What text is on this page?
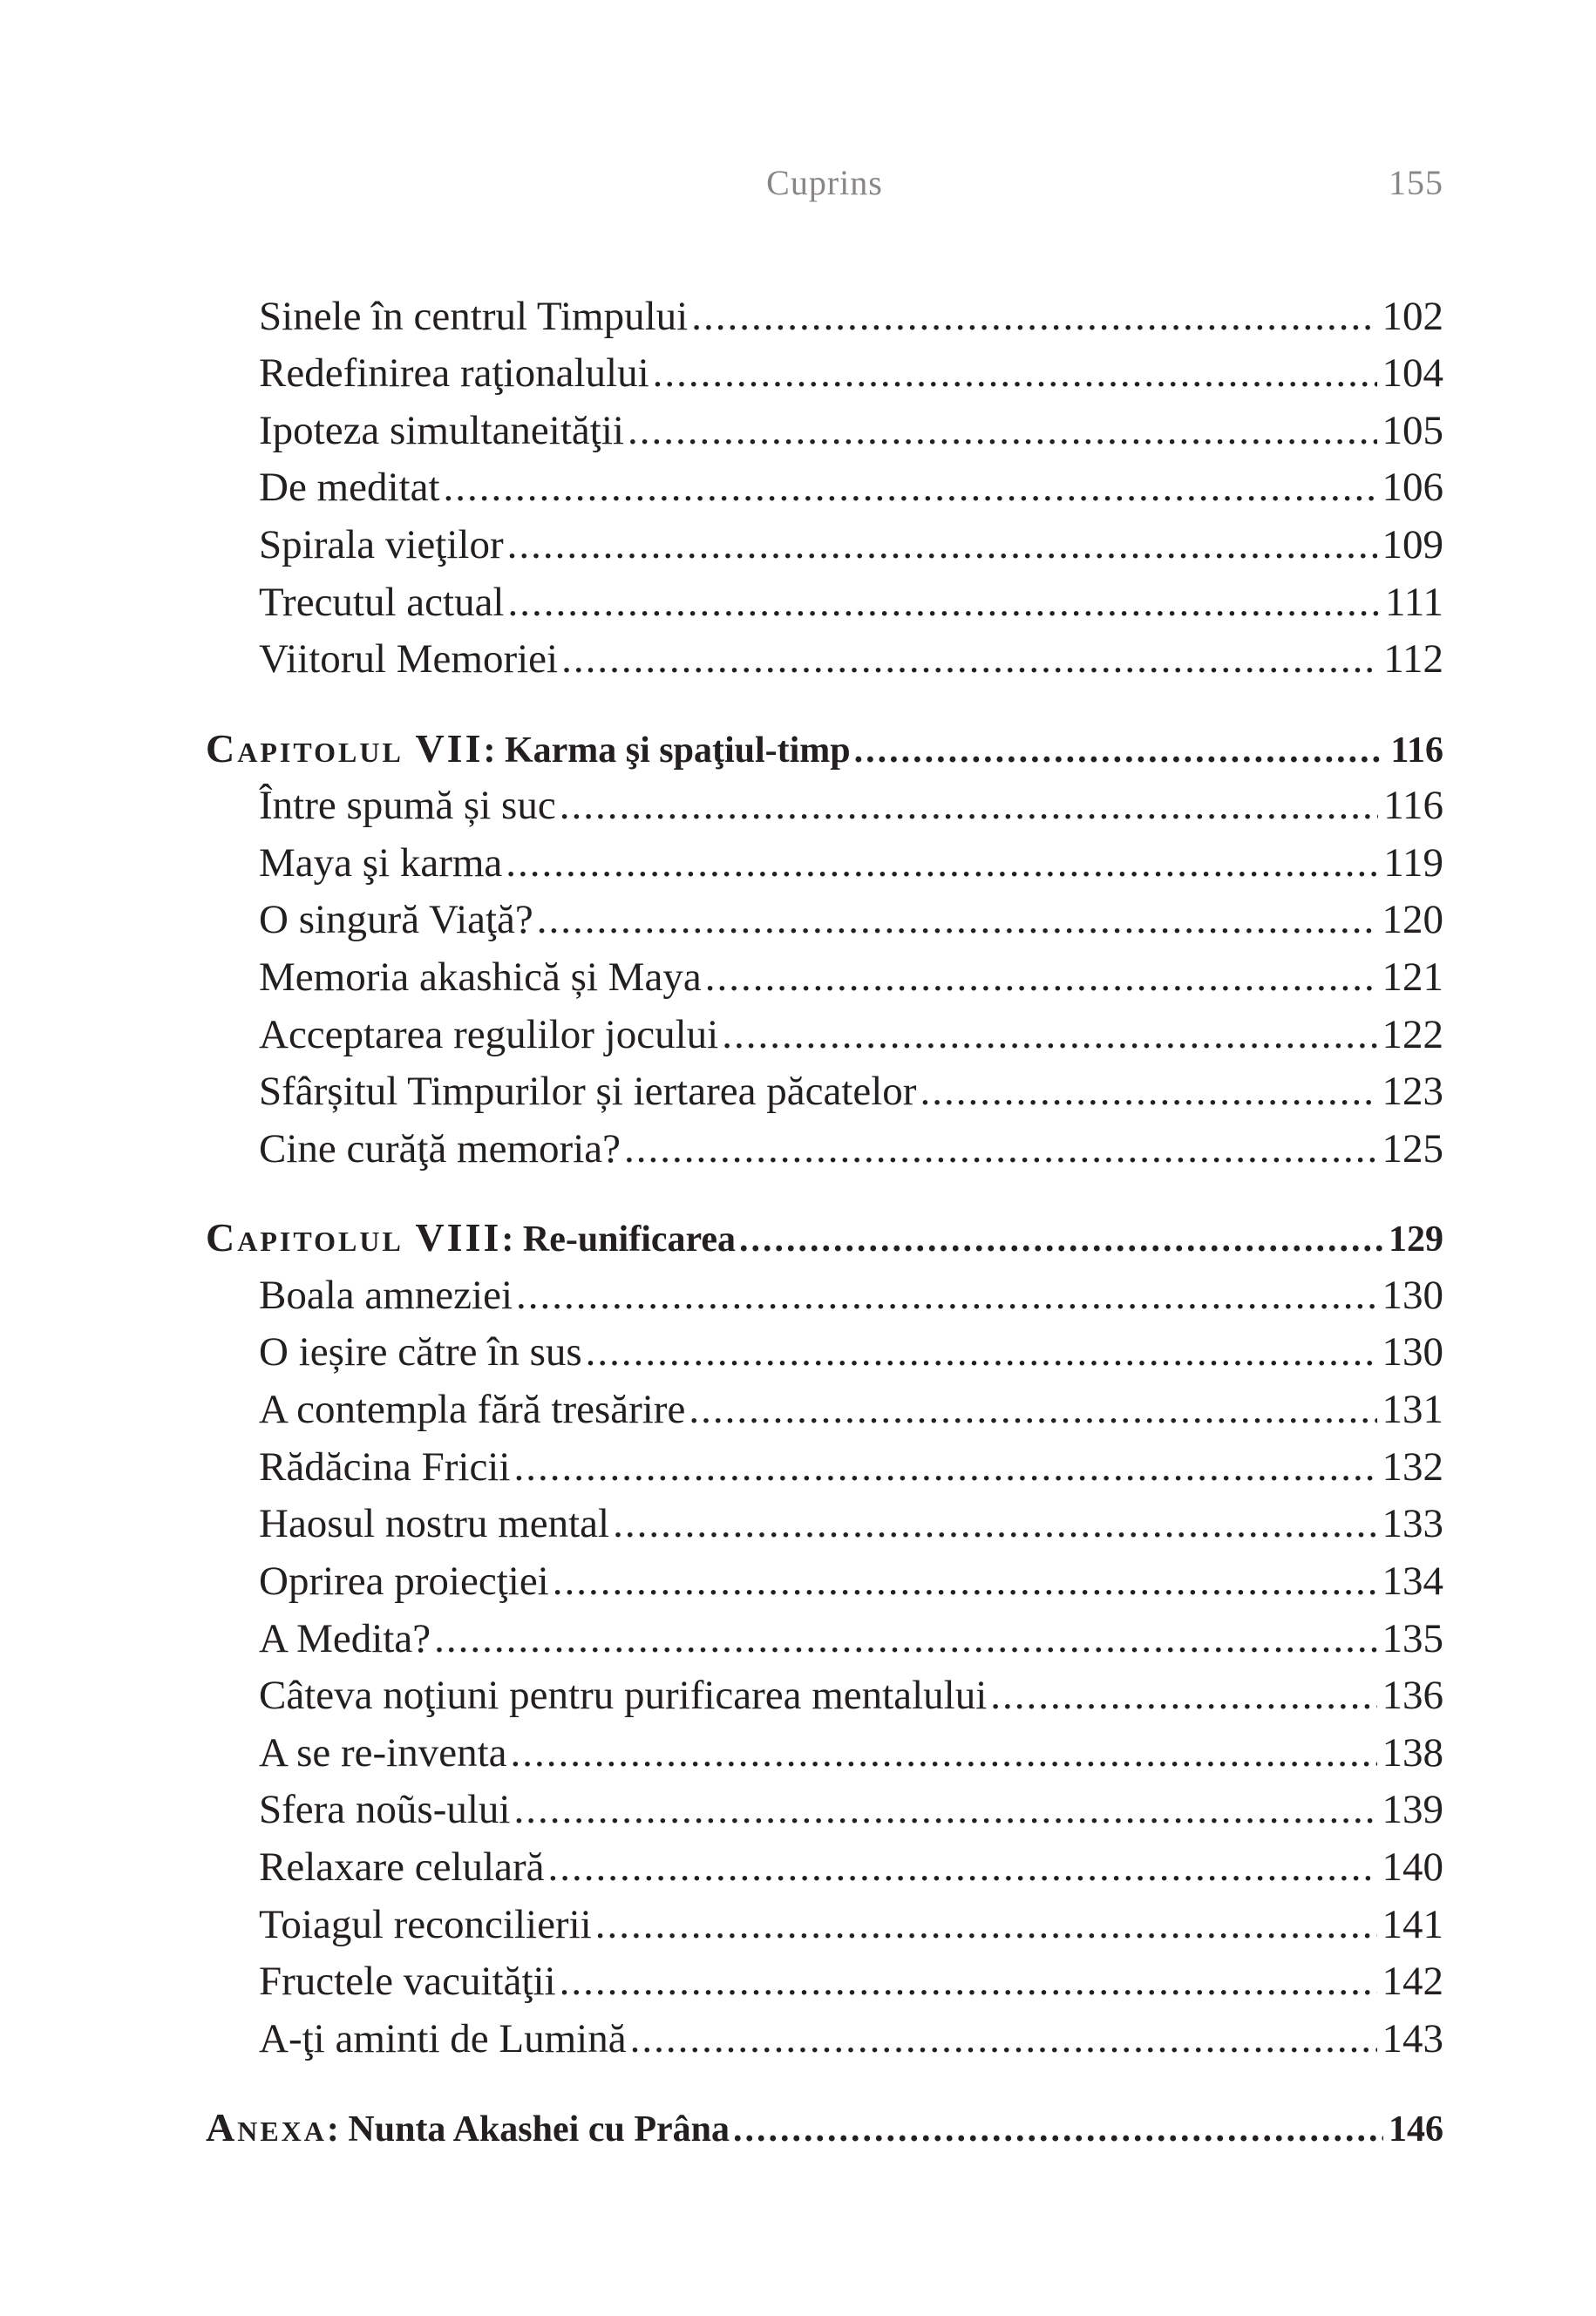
Cuprins	155
Sinele în centrul Timpului .....	102
Redefinirea raţionalului .....	104
Ipoteza simultaneităţii .....	105
De meditat .....	106
Spirala vieţilor .....	109
Trecutul actual .....	111
Viitorul Memoriei .....	112
Capitolul VII: Karma şi spaţiul-timp .....	116
Între spumă și suc .....	116
Maya şi karma .....	119
O singură Viaţă? .....	120
Memoria akashică și Maya .....	121
Acceptarea regulilor jocului .....	122
Sfârșitul Timpurilor și iertarea păcatelor .....	123
Cine curăţă memoria? .....	125
Capitolul VIII: Re-unificarea .....	129
Boala amneziei .....	130
O ieșire către în sus .....	130
A contempla fără tresărire .....	131
Rădăcina Fricii .....	132
Haosul nostru mental .....	133
Oprirea proiecţiei .....	134
A Medita? .....	135
Câteva noţiuni pentru purificarea mentalului .....	136
A se re-inventa .....	138
Sfera noũs-ului .....	139
Relaxare celulară .....	140
Toiagul reconcilierii .....	141
Fructele vacuităţii .....	142
A-ţi aminti de Lumină .....	143
Anexa: Nunta Akashei cu Prâna .....	146
